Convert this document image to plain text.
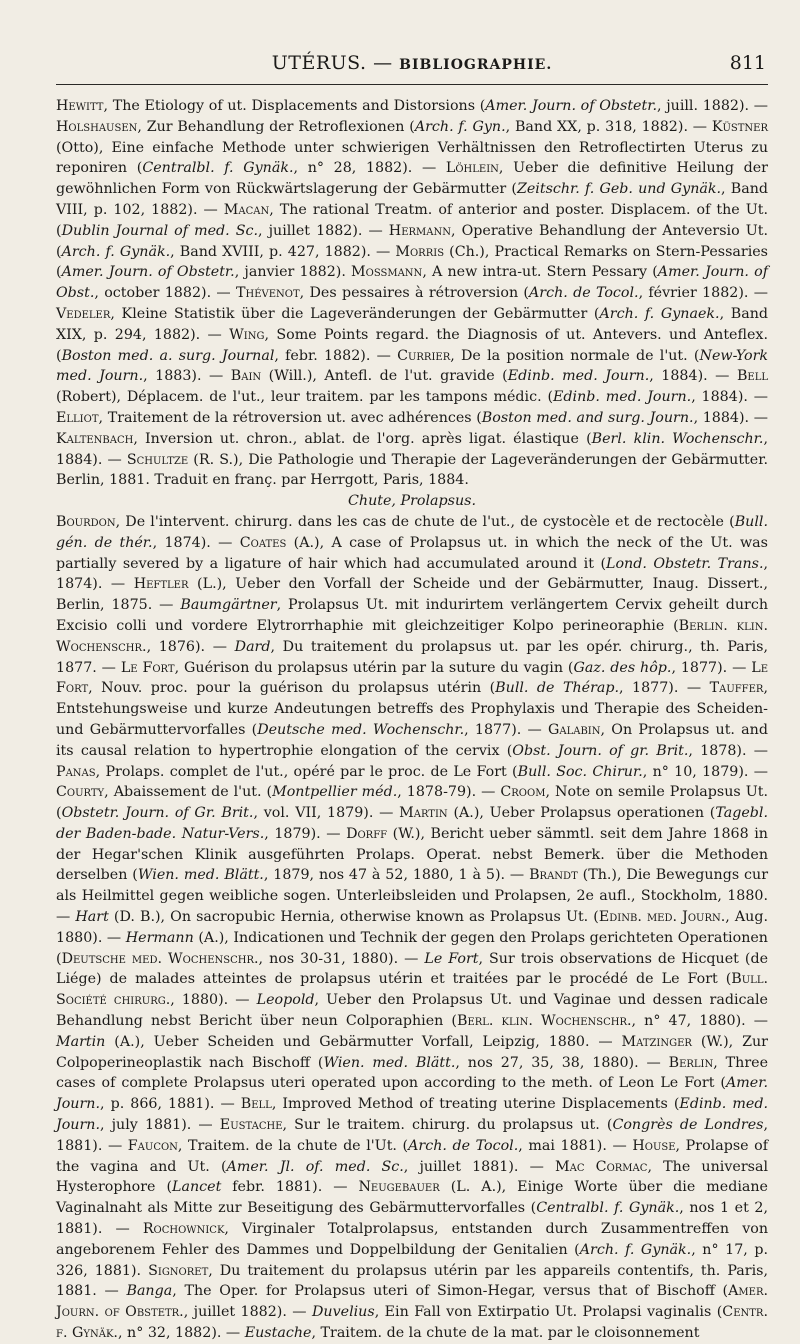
UTÉRUS. — BIBLIOGRAPHIE.	811

Hewitt, The Etiology of ut. Displacements and Distorsions (Amer. Journ. of Obstetr., juill. 1882). — Holshausen, Zur Behandlung der Retroflexionen (Arch. f. Gyn., Band XX, p. 318, 1882). — Küstner (Otto), Eine einfache Methode unter schwierigen Verhältnissen den Retroflectirten Uterus zu reponiren (Centralbl. f. Gynäk., n° 28, 1882). — Löhlein, Ueber die definitive Heilung der gewöhnlichen Form von Rückwärtslagerung der Gebärmutter (Zeitschr. f. Geb. und Gynäk., Band VIII, p. 102, 1882). — Macan, The rational Treatm. of anterior and poster. Displacem. of the Ut. (Dublin Journal of med. Sc., juillet 1882). — Hermann, Operative Behandlung der Anteversio Ut. (Arch. f. Gynäk., Band XVIII, p. 427, 1882). — Morris (Ch.), Practical Remarks on Stern-Pessaries (Amer. Journ. of Obstetr., janvier 1882). Mossmann, A new intra-ut. Stern Pessary (Amer. Journ. of Obst., october 1882). — Thévenot, Des pessaires à rétroversion (Arch. de Tocol., février 1882). — Vedeler, Kleine Statistik über die Lageveränderungen der Gebärmutter (Arch. f. Gynaek., Band XIX, p. 294, 1882). — Wing, Some Points regard. the Diagnosis of ut. Antevers. und Anteflex. (Boston med. a. surg. Journal, febr. 1882). — Currier, De la position normale de l'ut. (New-York med. Journ., 1883). — Bain (Will.), Antefl. de l'ut. gravide (Edinb. med. Journ., 1884). — Bell (Robert), Déplacem. de l'ut., leur traitem. par les tampons médic. (Edinb. med. Journ., 1884). — Elliot, Traitement de la rétroversion ut. avec adhérences (Boston med. and surg. Journ., 1884). — Kaltenbach, Inversion ut. chron., ablat. de l'org. après ligat. élastique (Berl. klin. Wochenschr., 1884). — Schultze (R. S.), Die Pathologie und Therapie der Lageveränderungen der Gebärmutter. Berlin, 1881. Traduit en franç. par Herrgott, Paris, 1884.

Chute, Prolapsus.

Bourdon, De l'intervent. chirurg. dans les cas de chute de l'ut., de cystocèle et de rectocèle (Bull. gén. de thér., 1874). — Coates (A.), A case of Prolapsus ut. in which the neck of the Ut. was partially severed by a ligature of hair which had accumulated around it (Lond. Obstetr. Trans., 1874). — Heftler (L.), Ueber den Vorfall der Scheide und der Gebärmutter, Inaug. Dissert., Berlin, 1875. — Baumgärtner, Prolapsus Ut. mit indurirtem verlängertem Cervix geheilt durch Excisio colli und vordere Elytrorrhaphie mit gleichzeitiger Kolpo perineoraphie (Berlin. klin. Wochenschr., 1876). — Dard, Du traitement du prolapsus ut. par les opér. chirurg., th. Paris, 1877. — Le Fort, Guérison du prolapsus utérin par la suture du vagin (Gaz. des hôp., 1877). — Le Fort, Nouv. proc. pour la guérison du prolapsus utérin (Bull. de Thérap., 1877). — Tauffer, Entstehungsweise und kurze Andeutungen betreffs des Prophylaxis und Therapie des Scheiden-und Gebärmuttervorfalles (Deutsche med. Wochenschr., 1877). — Galabin, On Prolapsus ut. and its causal relation to hypertrophie elongation of the cervix (Obst. Journ. of gr. Brit., 1878). — Panas, Prolaps. complet de l'ut., opéré par le proc. de Le Fort (Bull. Soc. Chirur., n° 10, 1879). — Courty, Abaissement de l'ut. (Montpellier méd., 1878-79). — Croom, Note on semile Prolapsus Ut. (Obstetr. Journ. of Gr. Brit., vol. VII, 1879). — Martin (A.), Ueber Prolapsus operationen (Tagebl. der Baden-bade. Natur-Vers., 1879). — Dorff (W.), Bericht ueber sämmtl. seit dem Jahre 1868 in der Hegar'schen Klinik ausgeführten Prolaps. Operat. nebst Bemerk. über die Methoden derselben (Wien. med. Blätt., 1879, nos 47 à 52, 1880, 1 à 5). — Brandt (Th.), Die Bewegungs cur als Heilmittel gegen weibliche sogen. Unterleibsleiden und Prolapsen, 2e aufl., Stockholm, 1880. — Hart (D. B.), On sacropubic Hernia, otherwise known as Prolapsus Ut. (Edinb. med. Journ., Aug. 1880). — Hermann (A.), Indicationen und Technik der gegen den Prolaps gerichteten Operationen (Deutsche med. Wochenschr., nos 30-31, 1880). — Le Fort, Sur trois observations de Hicquet (de Liége) de malades atteintes de prolapsus utérin et traitées par le procédé de Le Fort (Bull. Société chirurg., 1880). — Leopold, Ueber den Prolapsus Ut. und Vaginae und dessen radicale Behandlung nebst Bericht über neun Colporaphien (Berl. klin. Wochenschr., n° 47, 1880). — Martin (A.), Ueber Scheiden und Gebärmutter Vorfall, Leipzig, 1880. — Matzinger (W.), Zur Colpoperineoplastik nach Bischoff (Wien. med. Blätt., nos 27, 35, 38, 1880). — Berlin, Three cases of complete Prolapsus uteri operated upon according to the meth. of Leon Le Fort (Amer. Journ., p. 866, 1881). — Bell, Improved Method of treating uterine Displacements (Edinb. med. Journ., july 1881). — Eustache, Sur le traitem. chirurg. du prolapsus ut. (Congrès de Londres, 1881). — Faucon, Traitem. de la chute de l'Ut. (Arch. de Tocol., mai 1881). — House, Prolapse of the vagina and Ut. (Amer. Jl. of. med. Sc., juillet 1881). — Mac Cormac, The universal Hysterophore (Lancet febr. 1881). — Neugebauer (L. A.), Einige Worte über die mediane Vaginalnaht als Mitte zur Beseitigung des Gebärmuttervorfalles (Centralbl. f. Gynäk., nos 1 et 2, 1881). — Rochownick, Virginaler Totalprolapsus, entstanden durch Zusammentreffen von angeborenem Fehler des Dammes und Doppelbildung der Genitalien (Arch. f. Gynäk., n° 17, p. 326, 1881). Signoret, Du traitement du prolapsus utérin par les appareils contentifs, th. Paris, 1881. — Banga, The Oper. for Prolapsus uteri of Simon-Hegar, versus that of Bischoff (Amer. Journ. of Obstetr., juillet 1882). — Duvelius, Ein Fall von Extirpatio Ut. Prolapsi vaginalis (Centr. f. Gynäk., n° 32, 1882). — Eustache, Traitem. de la chute de la mat. par le cloisonnement
